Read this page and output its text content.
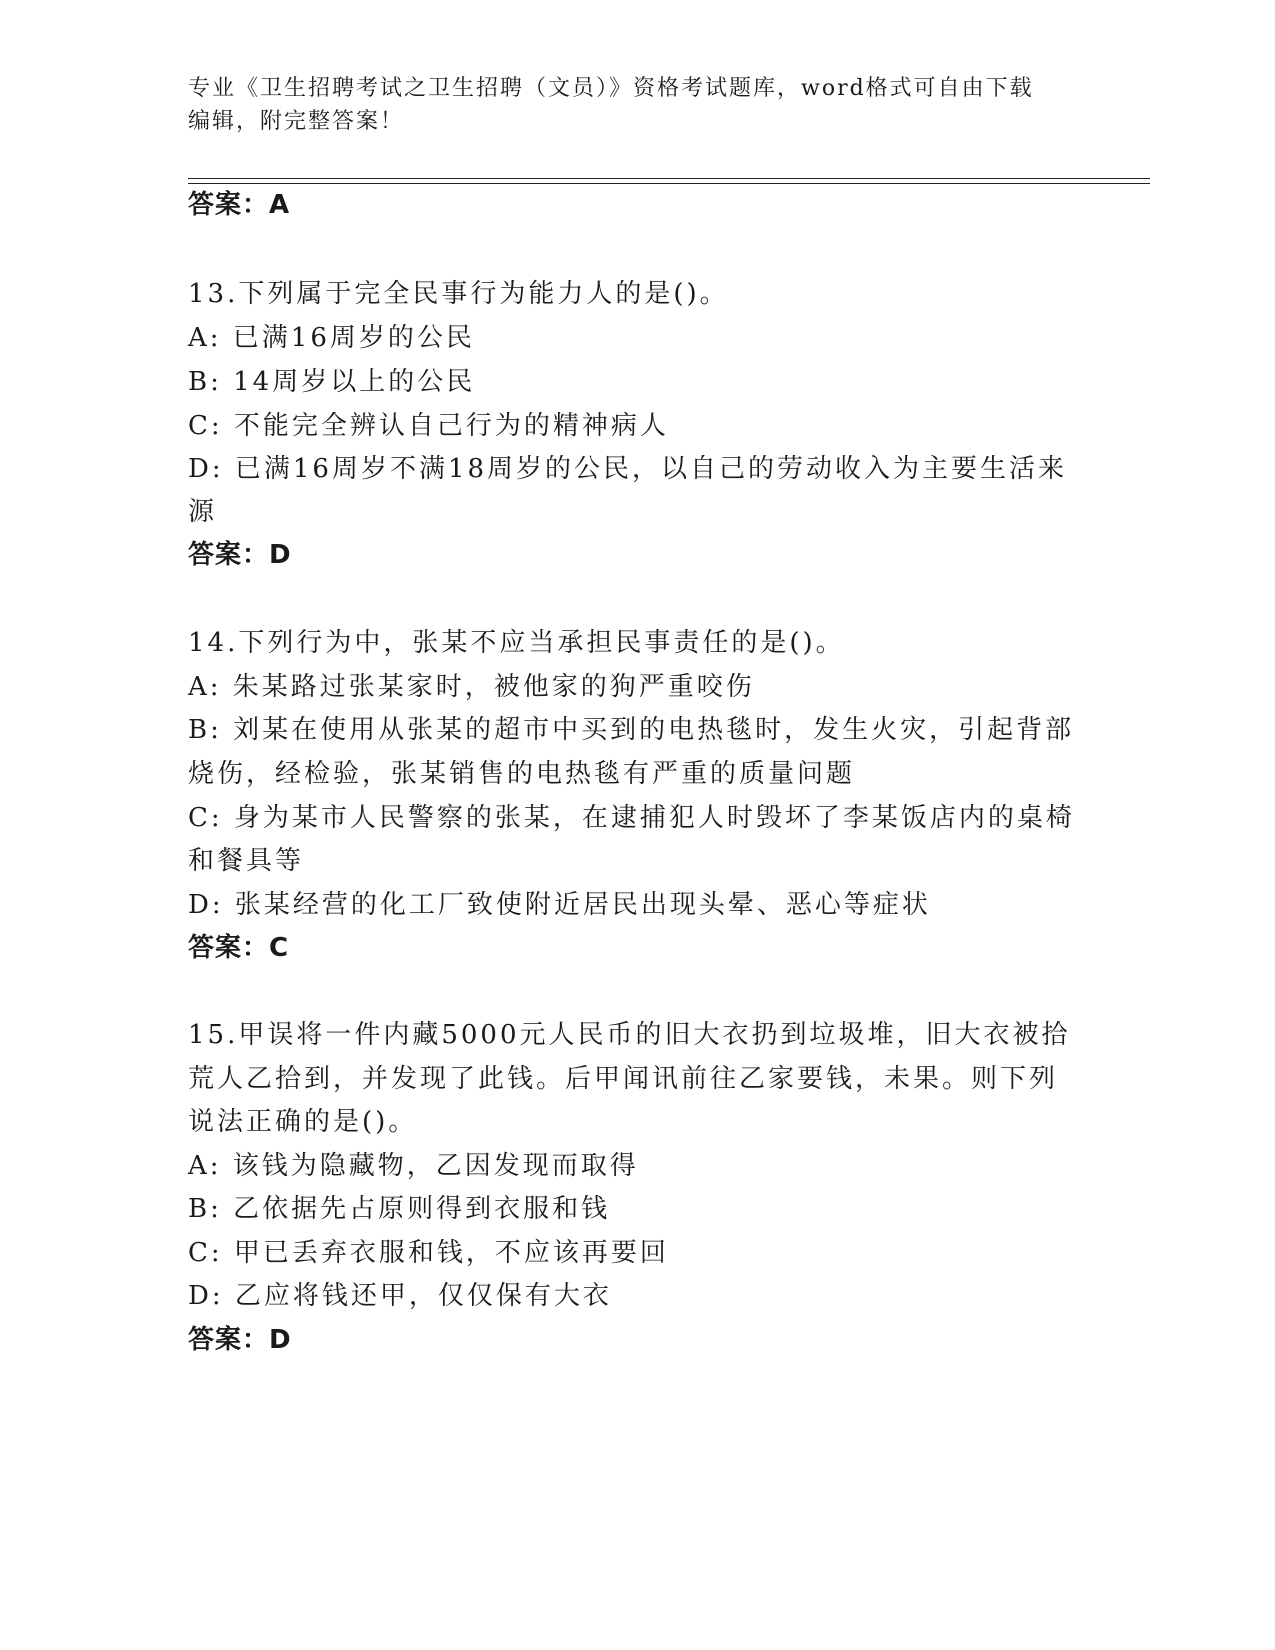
专业《卫生招聘考试之卫生招聘（文员）》资格考试题库，word格式可自由下载
编辑，附完整答案！
答案：A
13.下列属于完全民事行为能力人的是()。
A: 已满16周岁的公民
B: 14周岁以上的公民
C: 不能完全辨认自己行为的精神病人
D: 已满16周岁不满18周岁的公民，以自己的劳动收入为主要生活来
源
答案：D
14.下列行为中，张某不应当承担民事责任的是()。
A: 朱某路过张某家时，被他家的狗严重咬伤
B: 刘某在使用从张某的超市中买到的电热毯时，发生火灾，引起背部
烧伤，经检验，张某销售的电热毯有严重的质量问题
C: 身为某市人民警察的张某，在逮捕犯人时毁坏了李某饭店内的桌椅
和餐具等
D: 张某经营的化工厂致使附近居民出现头晕、恶心等症状
答案：C
15.甲误将一件内藏5000元人民币的旧大衣扔到垃圾堆，旧大衣被拾
荒人乙拾到，并发现了此钱。后甲闻讯前往乙家要钱，未果。则下列
说法正确的是()。
A: 该钱为隐藏物，乙因发现而取得
B: 乙依据先占原则得到衣服和钱
C: 甲已丢弃衣服和钱，不应该再要回
D: 乙应将钱还甲，仅仅保有大衣
答案：D
